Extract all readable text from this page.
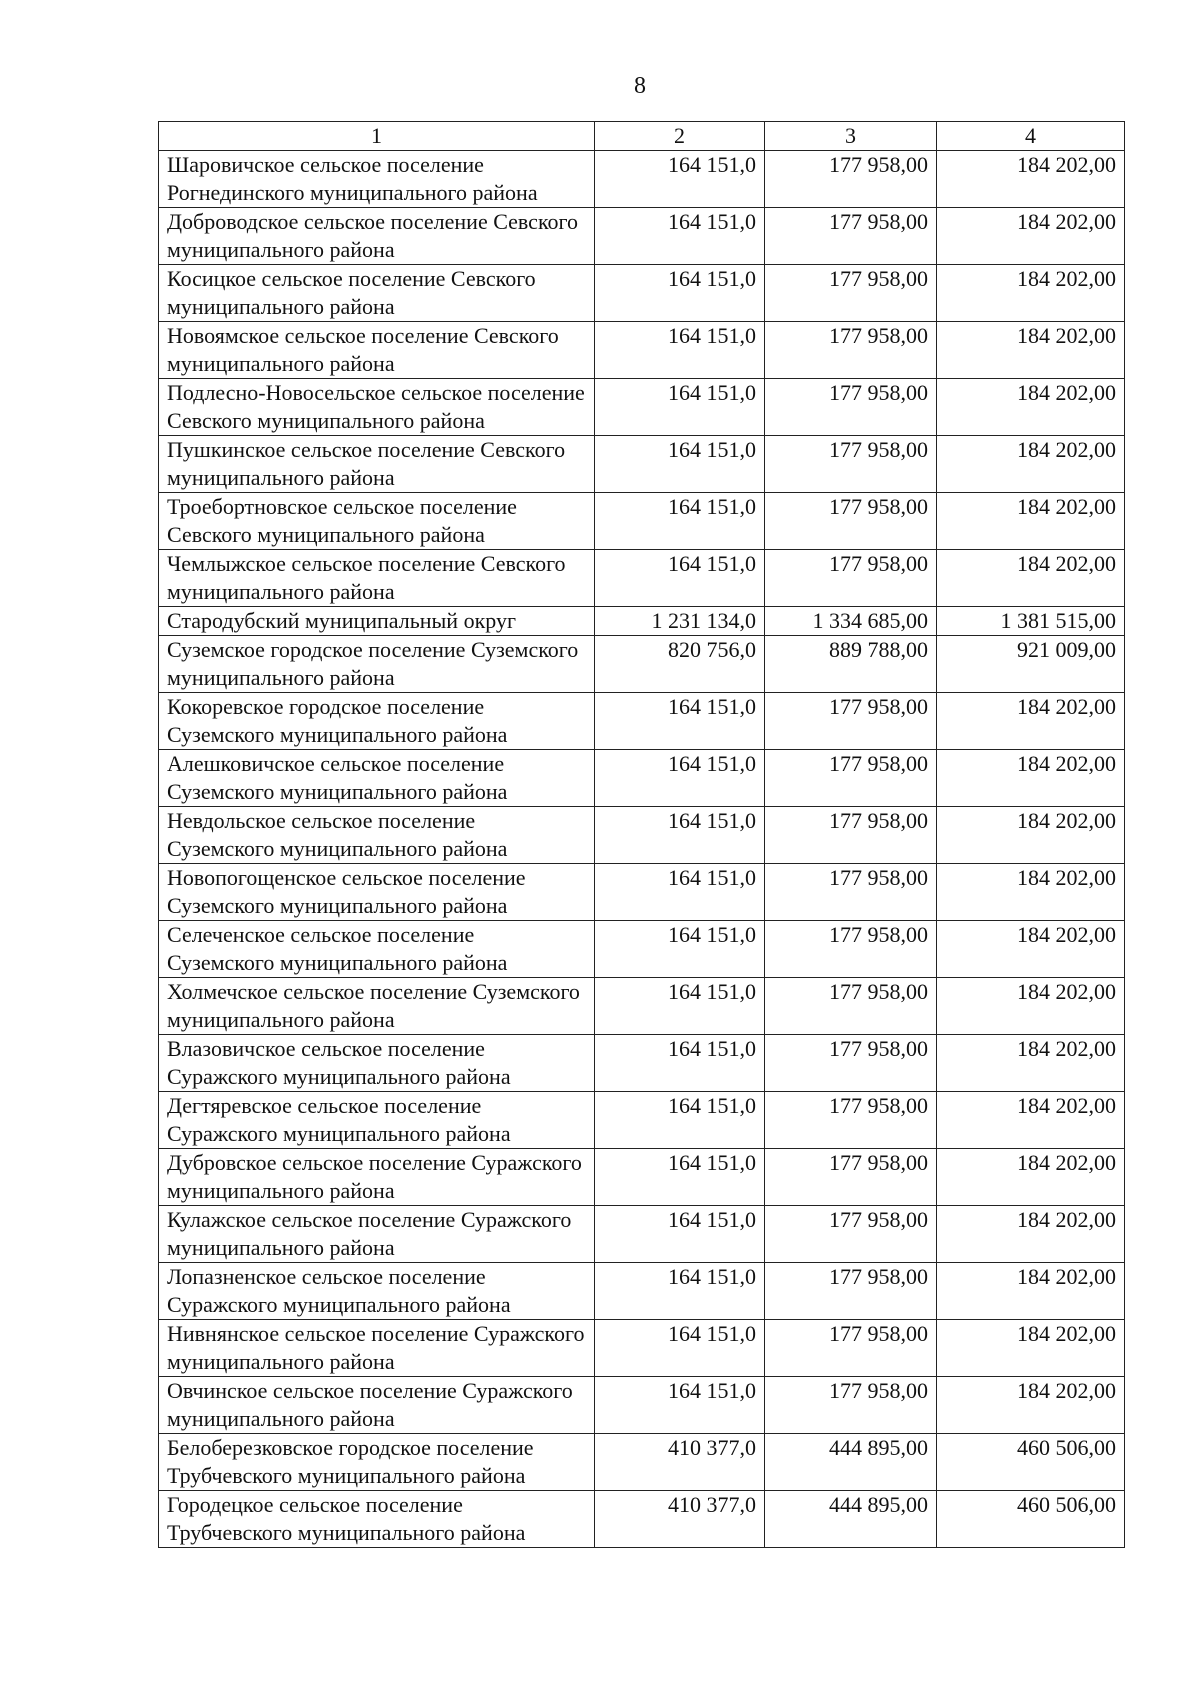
8
1	2	3	4
Шаровичское сельское поселение Рогнединского муниципального района	164 151,0	177 958,00	184 202,00
Доброводское сельское поселение Севского муниципального района	164 151,0	177 958,00	184 202,00
Косицкое сельское поселение Севского муниципального района	164 151,0	177 958,00	184 202,00
Новоямское сельское поселение Севского муниципального района	164 151,0	177 958,00	184 202,00
Подлесно-Новосельское сельское поселение Севского муниципального района	164 151,0	177 958,00	184 202,00
Пушкинское сельское поселение Севского муниципального района	164 151,0	177 958,00	184 202,00
Троебортновское сельское поселение Севского муниципального района	164 151,0	177 958,00	184 202,00
Чемлыжское сельское поселение Севского муниципального района	164 151,0	177 958,00	184 202,00
Стародубский муниципальный округ	1 231 134,0	1 334 685,00	1 381 515,00
Суземское городское поселение Суземского муниципального района	820 756,0	889 788,00	921 009,00
Кокоревское городское поселение Суземского муниципального района	164 151,0	177 958,00	184 202,00
Алешковичское сельское поселение Суземского муниципального района	164 151,0	177 958,00	184 202,00
Невдольское сельское поселение Суземского муниципального района	164 151,0	177 958,00	184 202,00
Новопогощенское сельское поселение Суземского муниципального района	164 151,0	177 958,00	184 202,00
Селеченское сельское поселение Суземского муниципального района	164 151,0	177 958,00	184 202,00
Холмечское сельское поселение Суземского муниципального района	164 151,0	177 958,00	184 202,00
Влазовичское сельское поселение Суражского муниципального района	164 151,0	177 958,00	184 202,00
Дегтяревское сельское поселение Суражского муниципального района	164 151,0	177 958,00	184 202,00
Дубровское сельское поселение Суражского муниципального района	164 151,0	177 958,00	184 202,00
Кулажское сельское поселение Суражского муниципального района	164 151,0	177 958,00	184 202,00
Лопазненское сельское поселение Суражского муниципального района	164 151,0	177 958,00	184 202,00
Нивнянское сельское поселение Суражского муниципального района	164 151,0	177 958,00	184 202,00
Овчинское сельское поселение Суражского муниципального района	164 151,0	177 958,00	184 202,00
Белоберезковское городское поселение Трубчевского муниципального района	410 377,0	444 895,00	460 506,00
Городецкое сельское поселение Трубчевского муниципального района	410 377,0	444 895,00	460 506,00
